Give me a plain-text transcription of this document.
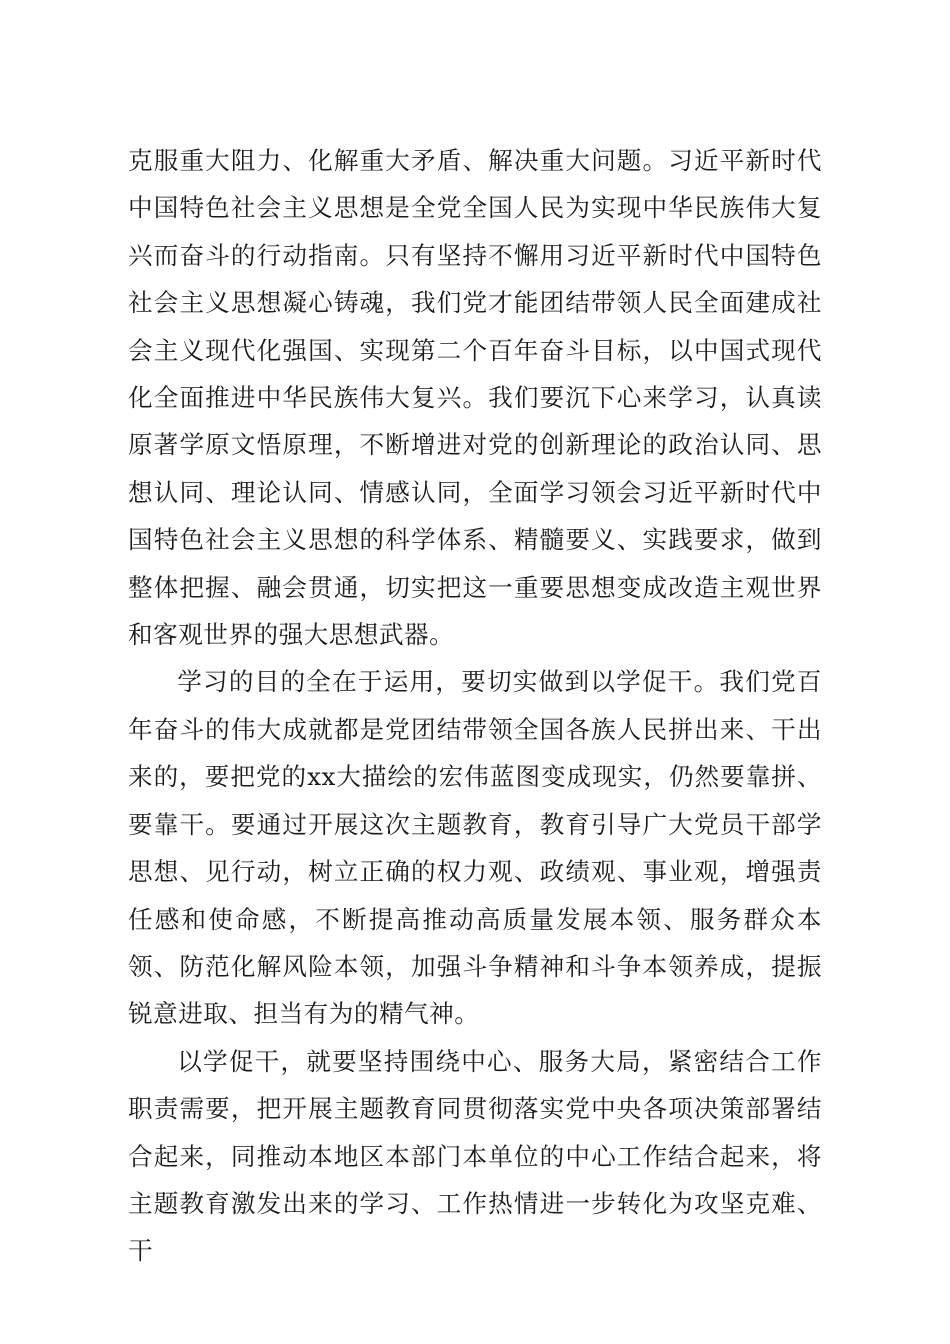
克服重大阻力、化解重大矛盾、解决重大问题。习近平新时代中国特色社会主义思想是全党全国人民为实现中华民族伟大复兴而奋斗的行动指南。只有坚持不懈用习近平新时代中国特色社会主义思想凝心铸魂，我们党才能团结带领人民全面建成社会主义现代化强国、实现第二个百年奋斗目标，以中国式现代化全面推进中华民族伟大复兴。我们要沉下心来学习，认真读原著学原文悟原理，不断增进对党的创新理论的政治认同、思想认同、理论认同、情感认同，全面学习领会习近平新时代中国特色社会主义思想的科学体系、精髓要义、实践要求，做到整体把握、融会贯通，切实把这一重要思想变成改造主观世界和客观世界的强大思想武器。

学习的目的全在于运用，要切实做到以学促干。我们党百年奋斗的伟大成就都是党团结带领全国各族人民拼出来、干出来的，要把党的xx大描绘的宏伟蓝图变成现实，仍然要靠拼、要靠干。要通过开展这次主题教育，教育引导广大党员干部学思想、见行动，树立正确的权力观、政绩观、事业观，增强责任感和使命感，不断提高推动高质量发展本领、服务群众本领、防范化解风险本领，加强斗争精神和斗争本领养成，提振锐意进取、担当有为的精气神。

以学促干，就要坚持围绕中心、服务大局，紧密结合工作职责需要，把开展主题教育同贯彻落实党中央各项决策部署结合起来，同推动本地区本部门本单位的中心工作结合起来，将主题教育激发出来的学习、工作热情进一步转化为攻坚克难、干
